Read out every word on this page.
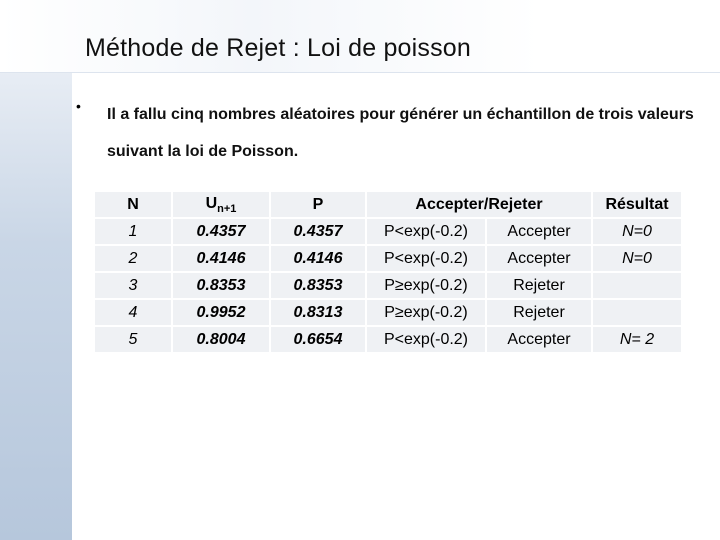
Méthode de Rejet : Loi de poisson
• Il a fallu cinq nombres aléatoires pour générer un échantillon de trois valeurs suivant la loi de Poisson.
N	$U_{n+1}$	P	Accepter/Rejeter		Résultat
1	0.4357	0.4357	P<exp(-0.2)	Accepter	N=0
2	0.4146	0.4146	P<exp(-0.2)	Accepter	N=0
3	0.8353	0.8353	P≥exp(-0.2)	Rejeter	
4	0.9952	0.8313	P≥exp(-0.2)	Rejeter	
5	0.8004	0.6654	P<exp(-0.2)	Accepter	N= 2
